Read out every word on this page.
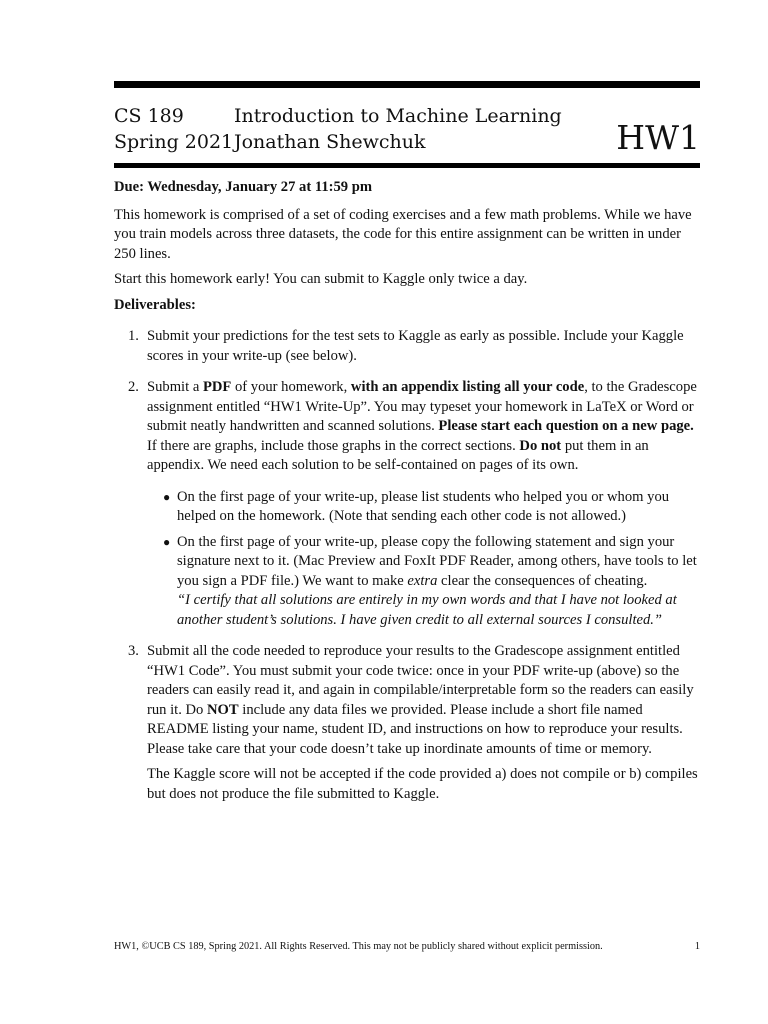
CS 189
Spring 2021
Introduction to Machine Learning
Jonathan Shewchuk	HW1

Due: Wednesday, January 27 at 11:59 pm

This homework is comprised of a set of coding exercises and a few math problems. While we have you train models across three datasets, the code for this entire assignment can be written in under 250 lines.

Start this homework early! You can submit to Kaggle only twice a day.

Deliverables:

1. Submit your predictions for the test sets to Kaggle as early as possible. Include your Kaggle scores in your write-up (see below).
2. Submit a PDF of your homework, with an appendix listing all your code, to the Gradescope assignment entitled “HW1 Write-Up”. You may typeset your homework in LaTeX or Word or submit neatly handwritten and scanned solutions. Please start each question on a new page. If there are graphs, include those graphs in the correct sections. Do not put them in an appendix. We need each solution to be self-contained on pages of its own.
● On the first page of your write-up, please list students who helped you or whom you helped on the homework. (Note that sending each other code is not allowed.)
● On the first page of your write-up, please copy the following statement and sign your signature next to it. (Mac Preview and FoxIt PDF Reader, among others, have tools to let you sign a PDF file.) We want to make extra clear the consequences of cheating.
“I certify that all solutions are entirely in my own words and that I have not looked at another student’s solutions. I have given credit to all external sources I consulted.”
3. Submit all the code needed to reproduce your results to the Gradescope assignment entitled “HW1 Code”. You must submit your code twice: once in your PDF write-up (above) so the readers can easily read it, and again in compilable/interpretable form so the readers can easily run it. Do NOT include any data files we provided. Please include a short file named README listing your name, student ID, and instructions on how to reproduce your results. Please take care that your code doesn’t take up inordinate amounts of time or memory.
The Kaggle score will not be accepted if the code provided a) does not compile or b) compiles but does not produce the file submitted to Kaggle.
HW1, ©UCB CS 189, Spring 2021. All Rights Reserved. This may not be publicly shared without explicit permission.	1
